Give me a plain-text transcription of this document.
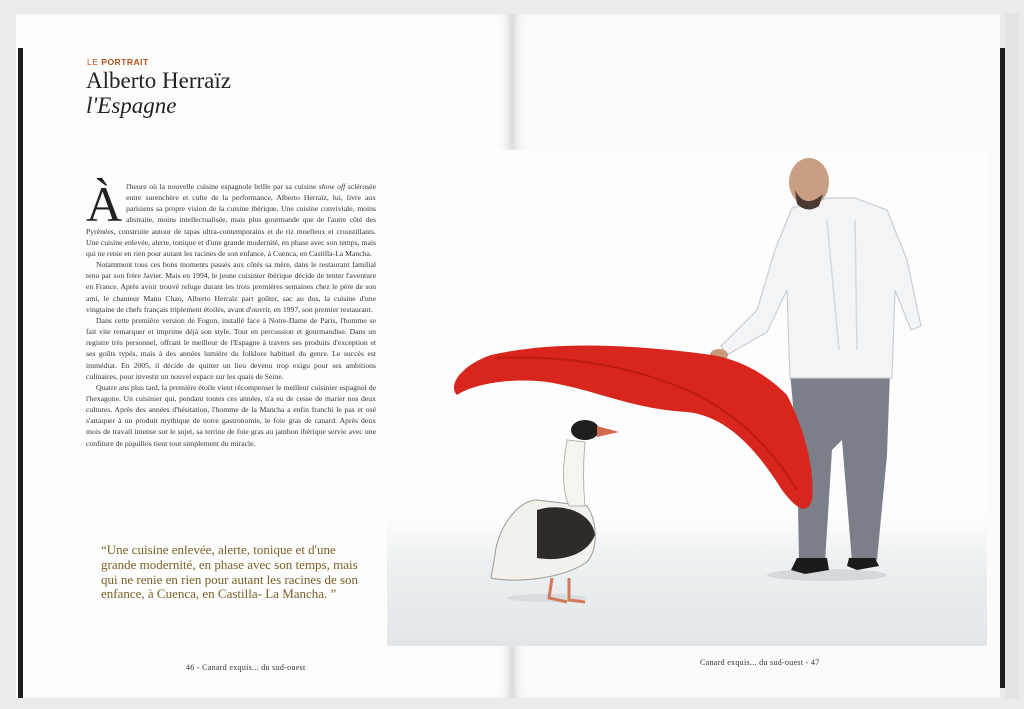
LE PORTRAIT
Alberto Herraïz
l'Espagne

Àl'heure où la nouvelle cuisine espagnole brille par sa cuisine show off sclérosée entre surenchère et culte de la performance, Alberto Herraïz, lui, livre aux parisiens sa propre vision de la cuisine ibérique. Une cuisine conviviale, moins abstraite, moins intellectualisée, mais plus gourmande que de l'autre côté des Pyrénées, construite autour de tapas ultra-contemporains et de riz moelleux et croustillants. Une cuisine enlevée, alerte, tonique et d'une grande modernité, en phase avec son temps, mais qui ne renie en rien pour autant les racines de son enfance, à Cuenca, en Castilla-La Mancha.

Notamment tous ces bons moments passés aux côtés sa mère, dans le restaurant familial tenu par son frère Javier. Mais en 1994, le jeune cuisinier ibérique décide de tenter l'aventure en France. Après avoir trouvé refuge durant les trois premières semaines chez le père de son ami, le chanteur Manu Chao, Alberto Herraïz part goûter, sac au dos, la cuisine d'une vingtaine de chefs français triplement étoilés, avant d'ouvrir, en 1997, son premier restaurant.

Dans cette première version de Fogon, installé face à Notre-Dame de Paris, l'homme se fait vite remarquer et imprime déjà son style. Tout en percussion et gourmandise. Dans un registre très personnel, offrant le meilleur de l'Espagne à travers ses produits d'exception et ses goûts typés, mais à des années lumière du folklore habituel du genre. Le succès est immédiat. En 2005, il décide de quitter un lieu devenu trop exigu pour ses ambitions culinaires, pour investir un nouvel espace sur les quais de Seine.

Quatre ans plus tard, la première étoile vient récompenser le meilleur cuisinier espagnol de l'hexagone. Un cuisinier qui, pendant toutes ces années, n'a eu de cesse de marier nos deux cultures. Après des années d'hésitation, l'homme de la Mancha a enfin franchi le pas et osé s'attaquer à un produit mythique de notre gastronomie, le foie gras de canard. Après deux mois de travail intense sur le sujet, sa terrine de foie gras au jambon ibérique servie avec une confiture de piquillos tient tout simplement du miracle.

“Une cuisine enlevée, alerte, tonique et d'une grande modernité, en phase avec son temps, mais qui ne renie en rien pour autant les racines de son enfance, à Cuenca, en Castilla- La Mancha. ”
46 - Canard exquis... du sud-ouest
Canard exquis... du sud-ouest - 47
